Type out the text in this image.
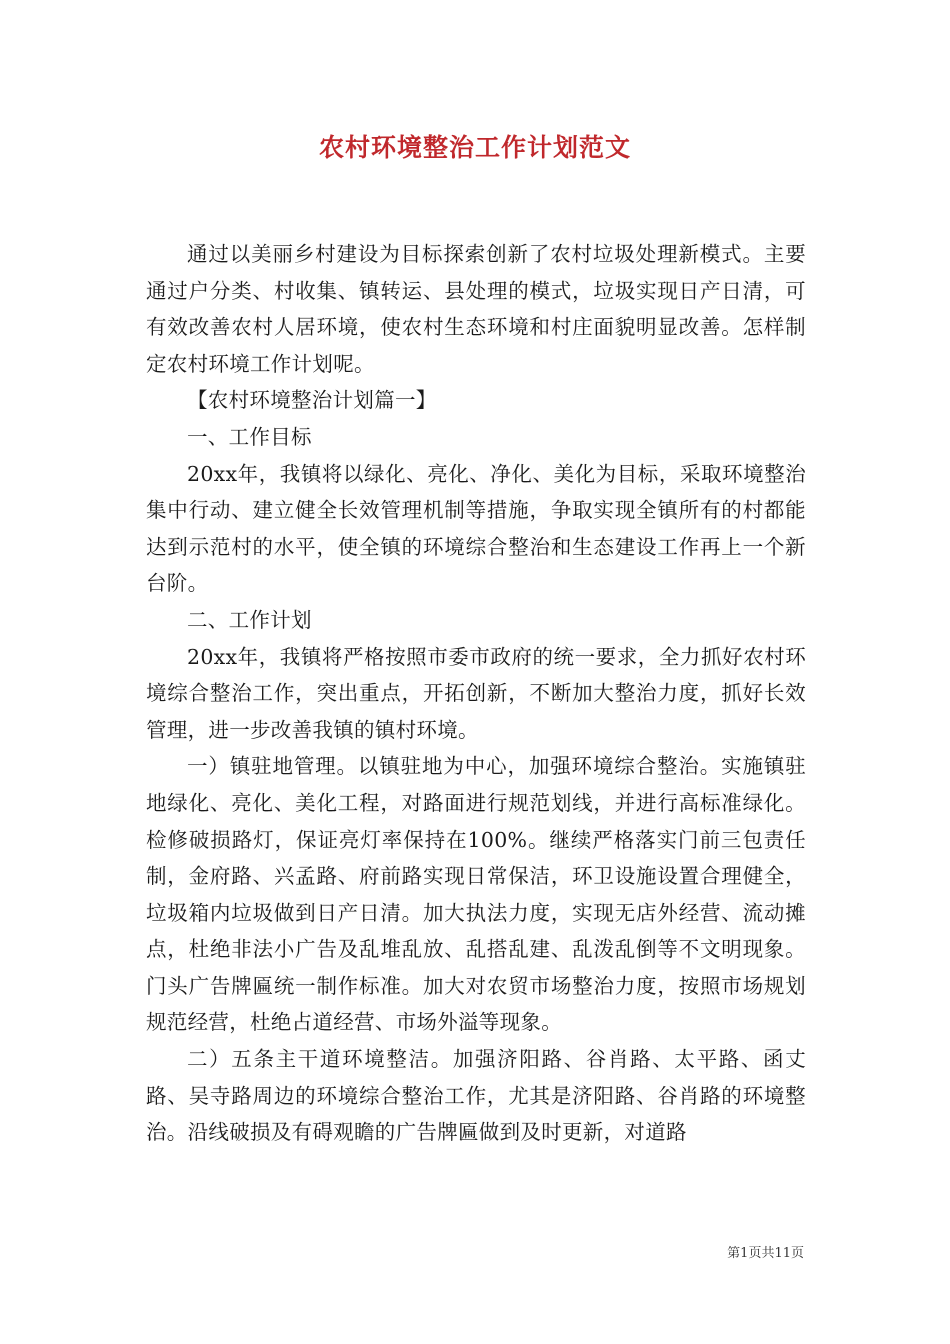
农村环境整治工作计划范文

通过以美丽乡村建设为目标探索创新了农村垃圾处理新模式。主要通过户分类、村收集、镇转运、县处理的模式，垃圾实现日产日清，可有效改善农村人居环境，使农村生态环境和村庄面貌明显改善。怎样制定农村环境工作计划呢。

【农村环境整治计划篇一】

一、工作目标

20xx年，我镇将以绿化、亮化、净化、美化为目标，采取环境整治集中行动、建立健全长效管理机制等措施，争取实现全镇所有的村都能达到示范村的水平，使全镇的环境综合整治和生态建设工作再上一个新台阶。

二、工作计划

20xx年，我镇将严格按照市委市政府的统一要求，全力抓好农村环境综合整治工作，突出重点，开拓创新，不断加大整治力度，抓好长效管理，进一步改善我镇的镇村环境。

一）镇驻地管理。以镇驻地为中心，加强环境综合整治。实施镇驻地绿化、亮化、美化工程，对路面进行规范划线，并进行高标准绿化。检修破损路灯，保证亮灯率保持在100%。继续严格落实门前三包责任制，金府路、兴孟路、府前路实现日常保洁，环卫设施设置合理健全，垃圾箱内垃圾做到日产日清。加大执法力度，实现无店外经营、流动摊点，杜绝非法小广告及乱堆乱放、乱搭乱建、乱泼乱倒等不文明现象。门头广告牌匾统一制作标准。加大对农贸市场整治力度，按照市场规划规范经营，杜绝占道经营、市场外溢等现象。

二）五条主干道环境整洁。加强济阳路、谷肖路、太平路、函丈路、吴寺路周边的环境综合整治工作，尤其是济阳路、谷肖路的环境整治。沿线破损及有碍观瞻的广告牌匾做到及时更新，对道路

第1页共11页
